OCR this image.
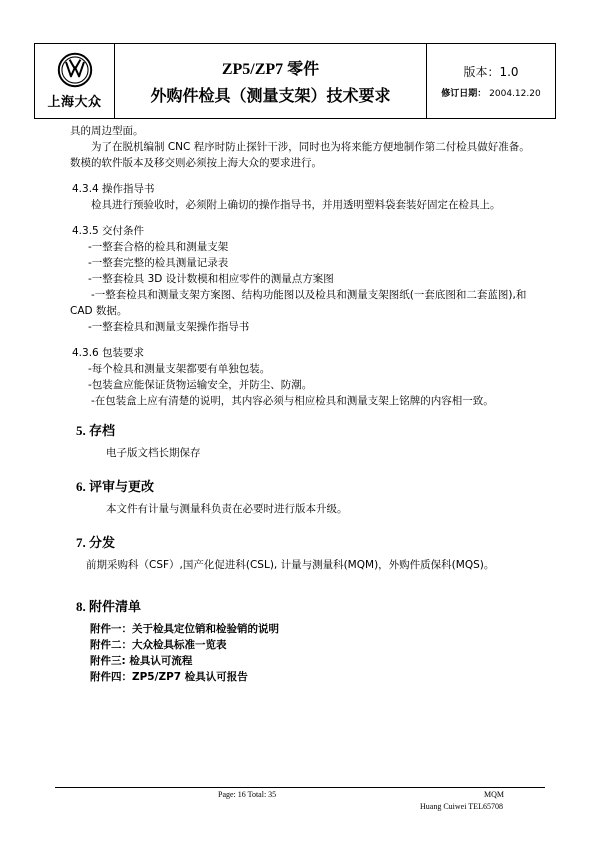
上海大众
ZP5/ZP7 零件
外购件检具（测量支架）技术要求
版本：1.0
修订日期： 2004.12.20

具的周边型面。

为了在脱机编制 CNC 程序时防止探针干涉，同时也为将来能方便地制作第二付检具做好准备。数模的软件版本及移交则必须按上海大众的要求进行。

4.3.4 操作指导书

检具进行预验收时，必须附上确切的操作指导书，并用透明塑料袋套装好固定在检具上。

4.3.5 交付条件

-一整套合格的检具和测量支架

-一整套完整的检具测量记录表

-一整套检具 3D 设计数模和相应零件的测量点方案图

-一整套检具和测量支架方案图、结构功能图以及检具和测量支架图纸(一套底图和二套蓝图),和 CAD 数据。

-一整套检具和测量支架操作指导书

4.3.6 包装要求

-每个检具和测量支架都要有单独包装。

-包装盒应能保证货物运输安全，并防尘、防潮。

-在包装盒上应有清楚的说明，其内容必须与相应检具和测量支架上铭牌的内容相一致。

5. 存档

电子版文档长期保存

6. 评审与更改

本文件有计量与测量科负责在必要时进行版本升级。

7. 分发

前期采购科（CSF）,国产化促进科(CSL), 计量与测量科(MQM)，外购件质保科(MQS)。

8. 附件清单

附件一：关于检具定位销和检验销的说明

附件二：大众检具标准一览表

附件三: 检具认可流程

附件四：ZP5/ZP7 检具认可报告

Page: 16 Total: 35	MQM
Huang Cuiwei TEL65708
